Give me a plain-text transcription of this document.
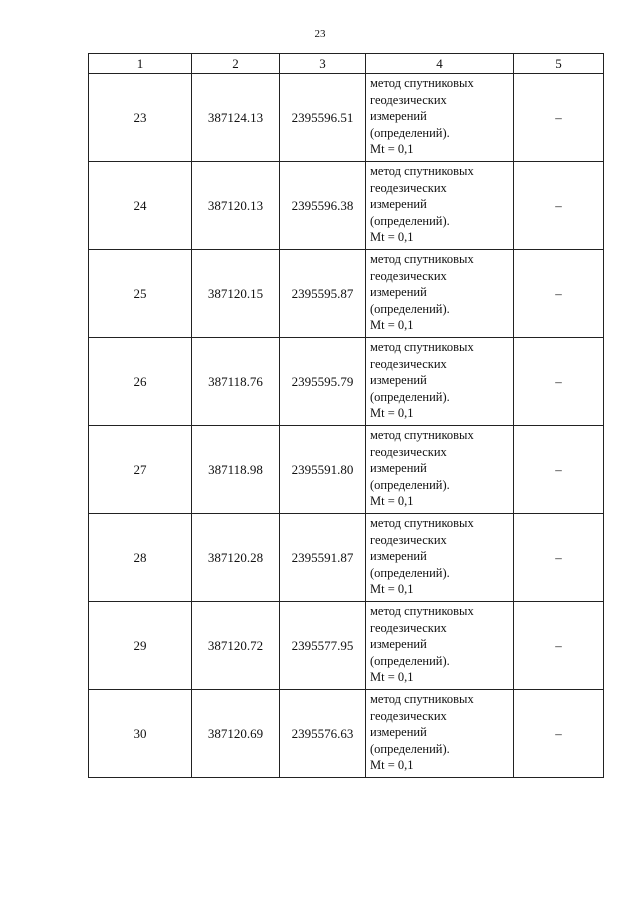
23
1	2	3	4	5
23	387124.13	2395596.51	метод спутниковых
геодезических
измерений
(определений).
Mt = 0,1	–
24	387120.13	2395596.38	метод спутниковых
геодезических
измерений
(определений).
Mt = 0,1	–
25	387120.15	2395595.87	метод спутниковых
геодезических
измерений
(определений).
Mt = 0,1	–
26	387118.76	2395595.79	метод спутниковых
геодезических
измерений
(определений).
Mt = 0,1	–
27	387118.98	2395591.80	метод спутниковых
геодезических
измерений
(определений).
Mt = 0,1	–
28	387120.28	2395591.87	метод спутниковых
геодезических
измерений
(определений).
Mt = 0,1	–
29	387120.72	2395577.95	метод спутниковых
геодезических
измерений
(определений).
Mt = 0,1	–
30	387120.69	2395576.63	метод спутниковых
геодезических
измерений
(определений).
Mt = 0,1	–
